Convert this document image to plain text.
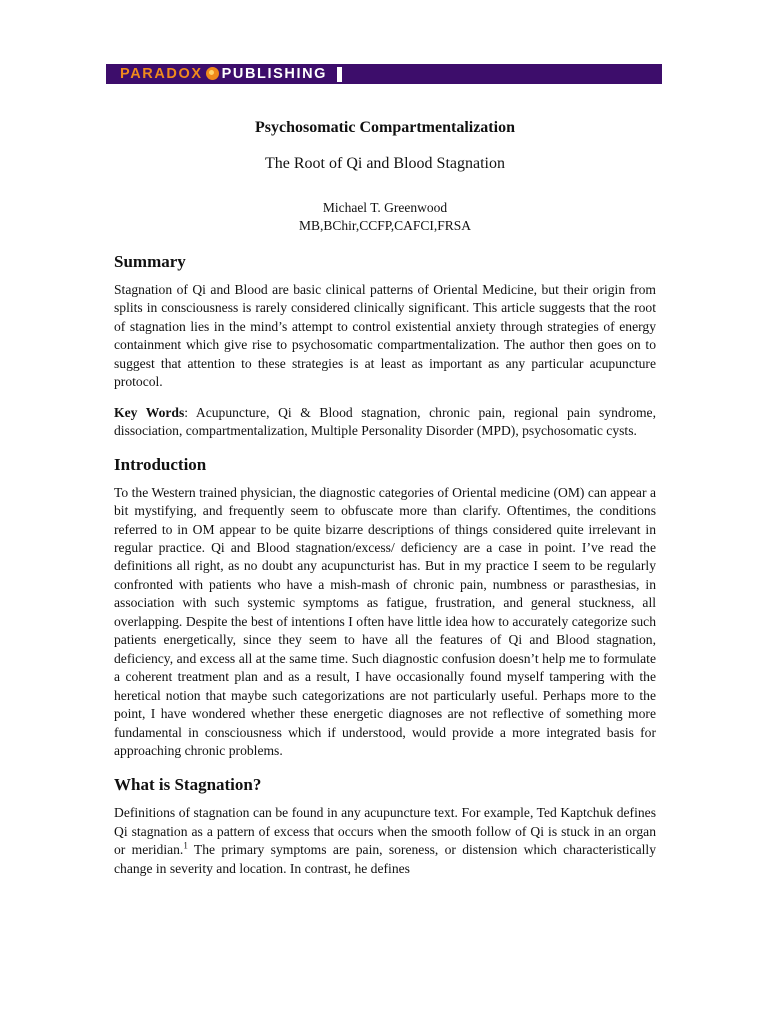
PARADOX PUBLISHING

Psychosomatic Compartmentalization

The Root of Qi and Blood Stagnation

Michael T. Greenwood
MB,BChir,CCFP,CAFCI,FRSA
Summary

Stagnation of Qi and Blood are basic clinical patterns of Oriental Medicine, but their origin from splits in consciousness is rarely considered clinically significant. This article suggests that the root of stagnation lies in the mind’s attempt to control existential anxiety through strategies of energy containment which give rise to psychosomatic compartmentalization. The author then goes on to suggest that attention to these strategies is at least as important as any particular acupuncture protocol.

Key Words: Acupuncture, Qi & Blood stagnation, chronic pain, regional pain syndrome, dissociation, compartmentalization, Multiple Personality Disorder (MPD), psychosomatic cysts.

Introduction

To the Western trained physician, the diagnostic categories of Oriental medicine (OM) can appear a bit mystifying, and frequently seem to obfuscate more than clarify. Oftentimes, the conditions referred to in OM appear to be quite bizarre descriptions of things considered quite irrelevant in regular practice. Qi and Blood stagnation/excess/ deficiency are a case in point. I’ve read the definitions all right, as no doubt any acupuncturist has. But in my practice I seem to be regularly confronted with patients who have a mish-mash of chronic pain, numbness or parasthesias, in association with such systemic symptoms as fatigue, frustration, and general stuckness, all overlapping. Despite the best of intentions I often have little idea how to accurately categorize such patients energetically, since they seem to have all the features of Qi and Blood stagnation, deficiency, and excess all at the same time. Such diagnostic confusion doesn’t help me to formulate a coherent treatment plan and as a result, I have occasionally found myself tampering with the heretical notion that maybe such categorizations are not particularly useful. Perhaps more to the point, I have wondered whether these energetic diagnoses are not reflective of something more fundamental in consciousness which if understood, would provide a more integrated basis for approaching chronic problems.

What is Stagnation?

Definitions of stagnation can be found in any acupuncture text. For example, Ted Kaptchuk defines Qi stagnation as a pattern of excess that occurs when the smooth follow of Qi is stuck in an organ or meridian.$^1$ The primary symptoms are pain, soreness, or distension which characteristically change in severity and location. In contrast, he defines
